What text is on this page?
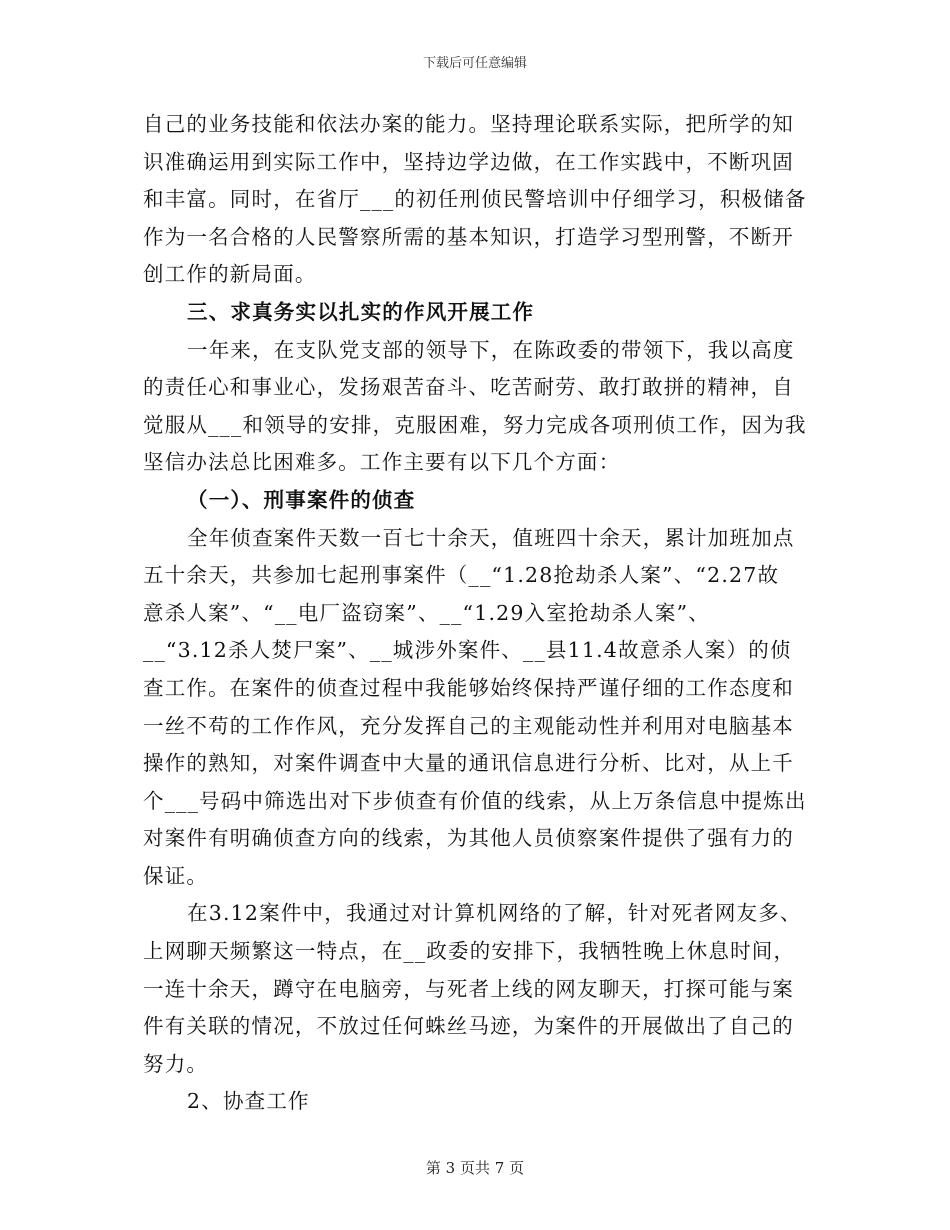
下载后可任意编辑
自己的业务技能和依法办案的能力。坚持理论联系实际，把所学的知
识准确运用到实际工作中，坚持边学边做，在工作实践中，不断巩固
和丰富。同时，在省厅___的初任刑侦民警培训中仔细学习，积极储备
作为一名合格的人民警察所需的基本知识，打造学习型刑警，不断开
创工作的新局面。
三、求真务实以扎实的作风开展工作
一年来，在支队党支部的领导下，在陈政委的带领下，我以高度
的责任心和事业心，发扬艰苦奋斗、吃苦耐劳、敢打敢拼的精神，自
觉服从___和领导的安排，克服困难，努力完成各项刑侦工作，因为我
坚信办法总比困难多。工作主要有以下几个方面：
（一）、刑事案件的侦查
全年侦查案件天数一百七十余天，值班四十余天，累计加班加点
五十余天，共参加七起刑事案件（__“1.28抢劫杀人案”、“2.27故
意杀人案”、“__电厂盗窃案”、__“1.29入室抢劫杀人案”、
__“3.12杀人焚尸案”、__城涉外案件、__县11.4故意杀人案）的侦
查工作。在案件的侦查过程中我能够始终保持严谨仔细的工作态度和
一丝不苟的工作作风，充分发挥自己的主观能动性并利用对电脑基本
操作的熟知，对案件调查中大量的通讯信息进行分析、比对，从上千
个___号码中筛选出对下步侦查有价值的线索，从上万条信息中提炼出
对案件有明确侦查方向的线索，为其他人员侦察案件提供了强有力的
保证。
在3.12案件中，我通过对计算机网络的了解，针对死者网友多、
上网聊天频繁这一特点，在__政委的安排下，我牺牲晚上休息时间，
一连十余天，蹲守在电脑旁，与死者上线的网友聊天，打探可能与案
件有关联的情况，不放过任何蛛丝马迹，为案件的开展做出了自己的
努力。
2、协查工作
第 3 页共 7 页
